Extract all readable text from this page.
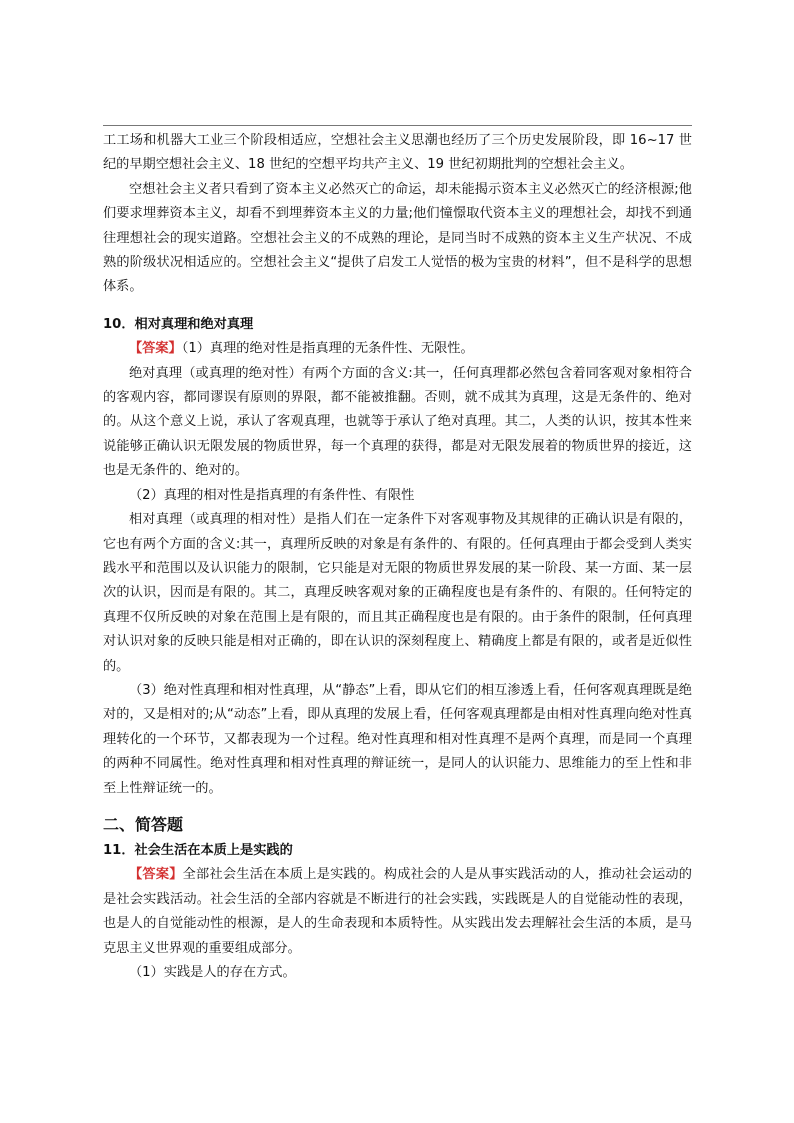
工工场和机器大工业三个阶段相适应，空想社会主义思潮也经历了三个历史发展阶段，即 16~17 世纪的早期空想社会主义、18 世纪的空想平均共产主义、19 世纪初期批判的空想社会主义。

空想社会主义者只看到了资本主义必然灭亡的命运，却未能揭示资本主义必然灭亡的经济根源;他们要求埋葬资本主义，却看不到埋葬资本主义的力量;他们憧憬取代资本主义的理想社会，却找不到通往理想社会的现实道路。空想社会主义的不成熟的理论，是同当时不成熟的资本主义生产状况、不成熟的阶级状况相适应的。空想社会主义“提供了启发工人觉悟的极为宝贵的材料”，但不是科学的思想体系。

10．相对真理和绝对真理

【答案】（1）真理的绝对性是指真理的无条件性、无限性。

绝对真理（或真理的绝对性）有两个方面的含义:其一，任何真理都必然包含着同客观对象相符合的客观内容，都同谬误有原则的界限，都不能被推翻。否则，就不成其为真理，这是无条件的、绝对的。从这个意义上说，承认了客观真理，也就等于承认了绝对真理。其二，人类的认识，按其本性来说能够正确认识无限发展的物质世界，每一个真理的获得，都是对无限发展着的物质世界的接近，这也是无条件的、绝对的。

（2）真理的相对性是指真理的有条件性、有限性

相对真理（或真理的相对性）是指人们在一定条件下对客观事物及其规律的正确认识是有限的，它也有两个方面的含义:其一，真理所反映的对象是有条件的、有限的。任何真理由于都会受到人类实践水平和范围以及认识能力的限制，它只能是对无限的物质世界发展的某一阶段、某一方面、某一层次的认识，因而是有限的。其二，真理反映客观对象的正确程度也是有条件的、有限的。任何特定的真理不仅所反映的对象在范围上是有限的，而且其正确程度也是有限的。由于条件的限制，任何真理对认识对象的反映只能是相对正确的，即在认识的深刻程度上、精确度上都是有限的，或者是近似性的。

（3）绝对性真理和相对性真理，从“静态”上看，即从它们的相互渗透上看，任何客观真理既是绝对的，又是相对的;从“动态”上看，即从真理的发展上看，任何客观真理都是由相对性真理向绝对性真理转化的一个环节，又都表现为一个过程。绝对性真理和相对性真理不是两个真理，而是同一个真理的两种不同属性。绝对性真理和相对性真理的辩证统一，是同人的认识能力、思维能力的至上性和非至上性辩证统一的。

二、简答题

11．社会生活在本质上是实践的

【答案】全部社会生活在本质上是实践的。构成社会的人是从事实践活动的人，推动社会运动的是社会实践活动。社会生活的全部内容就是不断进行的社会实践，实践既是人的自觉能动性的表现，也是人的自觉能动性的根源，是人的生命表现和本质特性。从实践出发去理解社会生活的本质，是马克思主义世界观的重要组成部分。

（1）实践是人的存在方式。
